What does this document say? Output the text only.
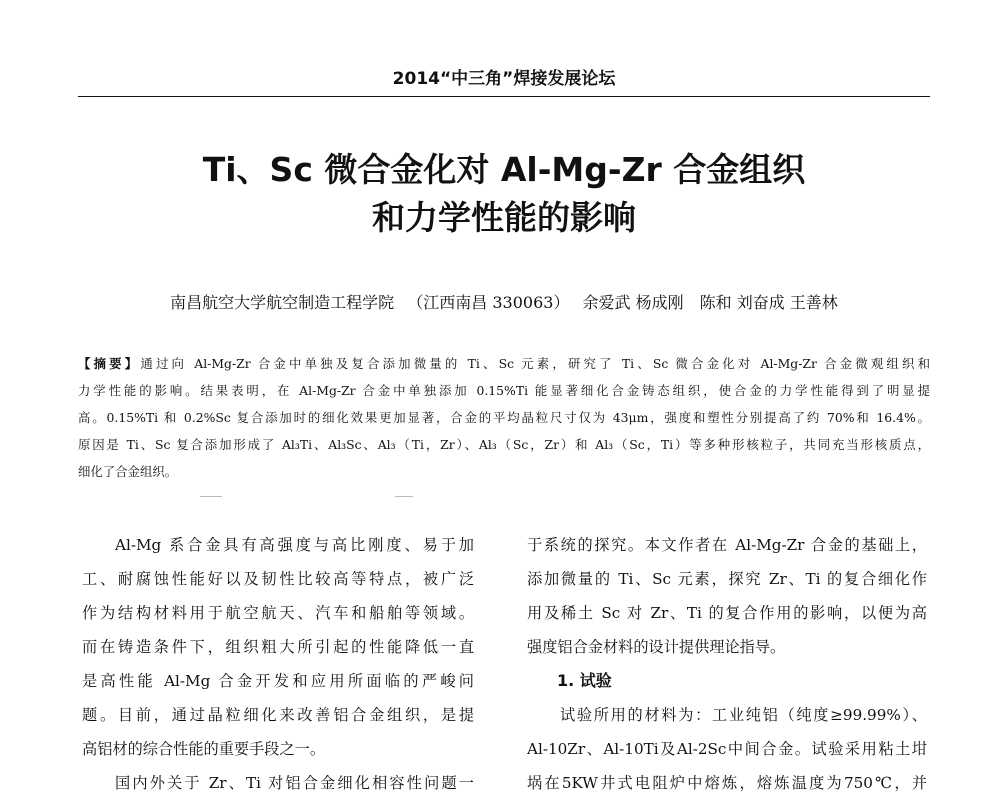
2014“中三角”焊接发展论坛
Ti、Sc 微合金化对 Al-Mg-Zr 合金组织
和力学性能的影响
南昌航空大学航空制造工程学院 （江西南昌 330063） 余爱武 杨成刚　陈和 刘奋成 王善林
【摘要】通过向 Al-Mg-Zr 合金中单独及复合添加微量的 Ti、Sc 元素，研究了 Ti、Sc 微合金化对 Al-Mg-Zr 合金微观组织和
力学性能的影响。结果表明，在 Al-Mg-Zr 合金中单独添加 0.15%Ti 能显著细化合金铸态组织，使合金的力学性能得到了明显提
高。0.15%Ti 和 0.2%Sc 复合添加时的细化效果更加显著，合金的平均晶粒尺寸仅为 43μm，强度和塑性分别提高了约 70%和 16.4%。
原因是 Ti、Sc 复合添加形成了 Al₃Ti、Al₃Sc、Al₃（Ti，Zr）、Al₃（Sc，Zr）和 Al₃（Sc，Ti）等多种形核粒子，共同充当形核质点，
细化了合金组织。
Al-Mg 系合金具有高强度与高比刚度、易于加
工、耐腐蚀性能好以及韧性比较高等特点，被广泛
作为结构材料用于航空航天、汽车和船舶等领域。
而在铸造条件下，组织粗大所引起的性能降低一直
是高性能 Al-Mg 合金开发和应用所面临的严峻问
题。目前，通过晶粒细化来改善铝合金组织，是提
高铝材的综合性能的重要手段之一。
国内外关于 Zr、Ti 对铝合金细化相容性问题一
于系统的探究。本文作者在 Al-Mg-Zr 合金的基础上，
添加微量的 Ti、Sc 元素，探究 Zr、Ti 的复合细化作
用及稀土 Sc 对 Zr、Ti 的复合作用的影响，以便为高
强度铝合金材料的设计提供理论指导。
1. 试验
试验所用的材料为：工业纯铝（纯度≥99.99%）、
Al-10Zr、Al-10Ti及Al-2Sc中间合金。试验采用粘土坩
埚在5KW井式电阻炉中熔炼，熔炼温度为750℃，并
